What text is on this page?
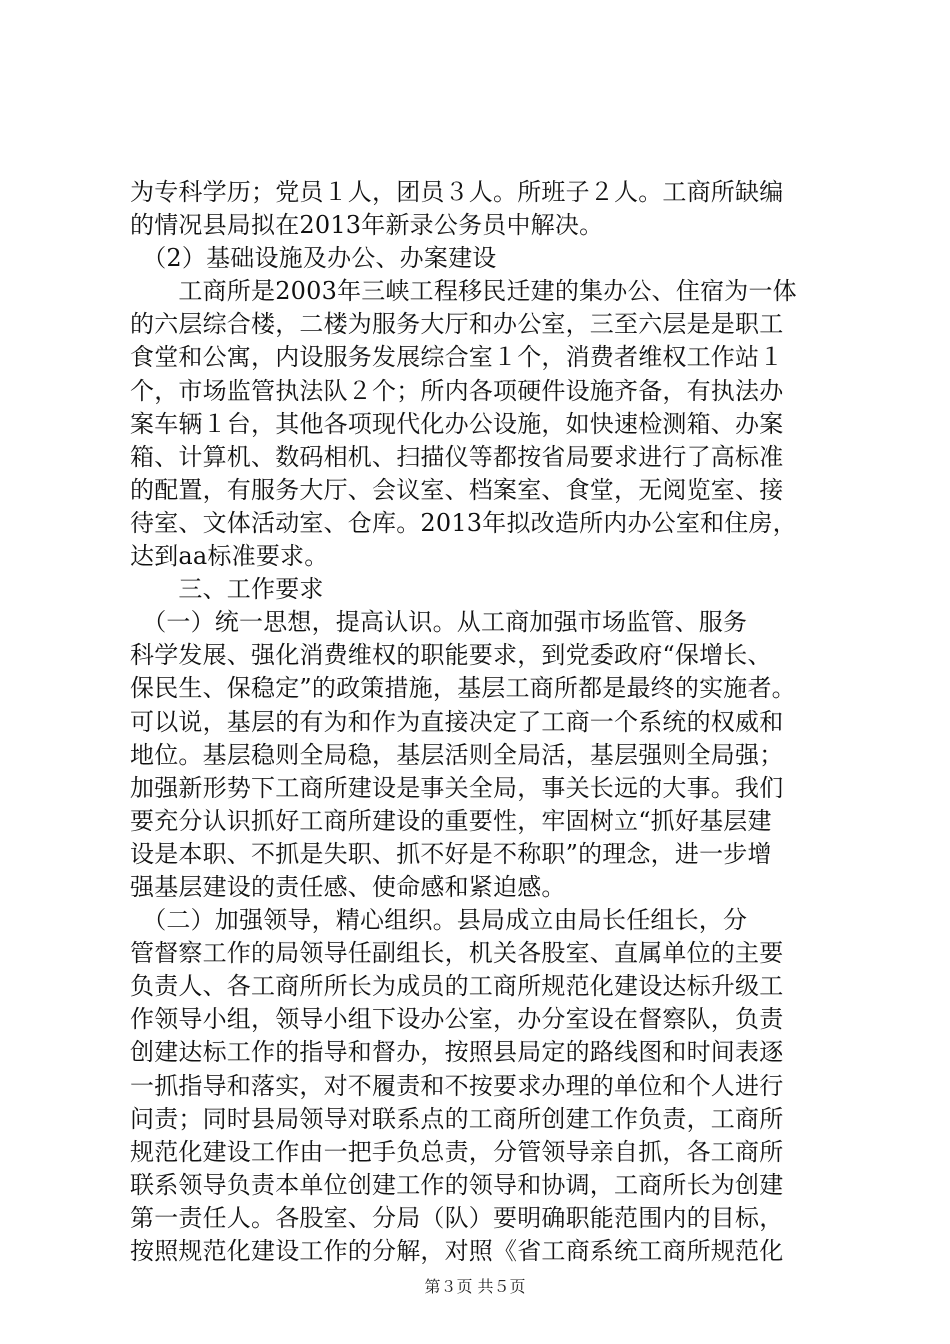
为专科学历；党员１人，团员３人。所班子２人。工商所缺编
的情况县局拟在2013年新录公务员中解决。
　（2）基础设施及办公、办案建设
　　工商所是2003年三峡工程移民迁建的集办公、住宿为一体
的六层综合楼，二楼为服务大厅和办公室，三至六层是是职工
食堂和公寓，内设服务发展综合室１个，消费者维权工作站１
个，市场监管执法队２个；所内各项硬件设施齐备，有执法办
案车辆１台，其他各项现代化办公设施，如快速检测箱、办案
箱、计算机、数码相机、扫描仪等都按省局要求进行了高标准
的配置，有服务大厅、会议室、档案室、食堂，无阅览室、接
待室、文体活动室、仓库。2013年拟改造所内办公室和住房，
达到aa标准要求。
　　三、工作要求
　（一）统一思想，提高认识。从工商加强市场监管、服务
科学发展、强化消费维权的职能要求，到党委政府“保增长、
保民生、保稳定”的政策措施，基层工商所都是最终的实施者。
可以说，基层的有为和作为直接决定了工商一个系统的权威和
地位。基层稳则全局稳，基层活则全局活，基层强则全局强；
加强新形势下工商所建设是事关全局，事关长远的大事。我们
要充分认识抓好工商所建设的重要性，牢固树立“抓好基层建
设是本职、不抓是失职、抓不好是不称职”的理念，进一步增
强基层建设的责任感、使命感和紧迫感。
　（二）加强领导，精心组织。县局成立由局长任组长，分
管督察工作的局领导任副组长，机关各股室、直属单位的主要
负责人、各工商所所长为成员的工商所规范化建设达标升级工
作领导小组，领导小组下设办公室，办分室设在督察队，负责
创建达标工作的指导和督办，按照县局定的路线图和时间表逐
一抓指导和落实，对不履责和不按要求办理的单位和个人进行
问责；同时县局领导对联系点的工商所创建工作负责，工商所
规范化建设工作由一把手负总责，分管领导亲自抓，各工商所
联系领导负责本单位创建工作的领导和协调，工商所长为创建
第一责任人。各股室、分局（队）要明确职能范围内的目标，
按照规范化建设工作的分解，对照《省工商系统工商所规范化
第３页 共５页
